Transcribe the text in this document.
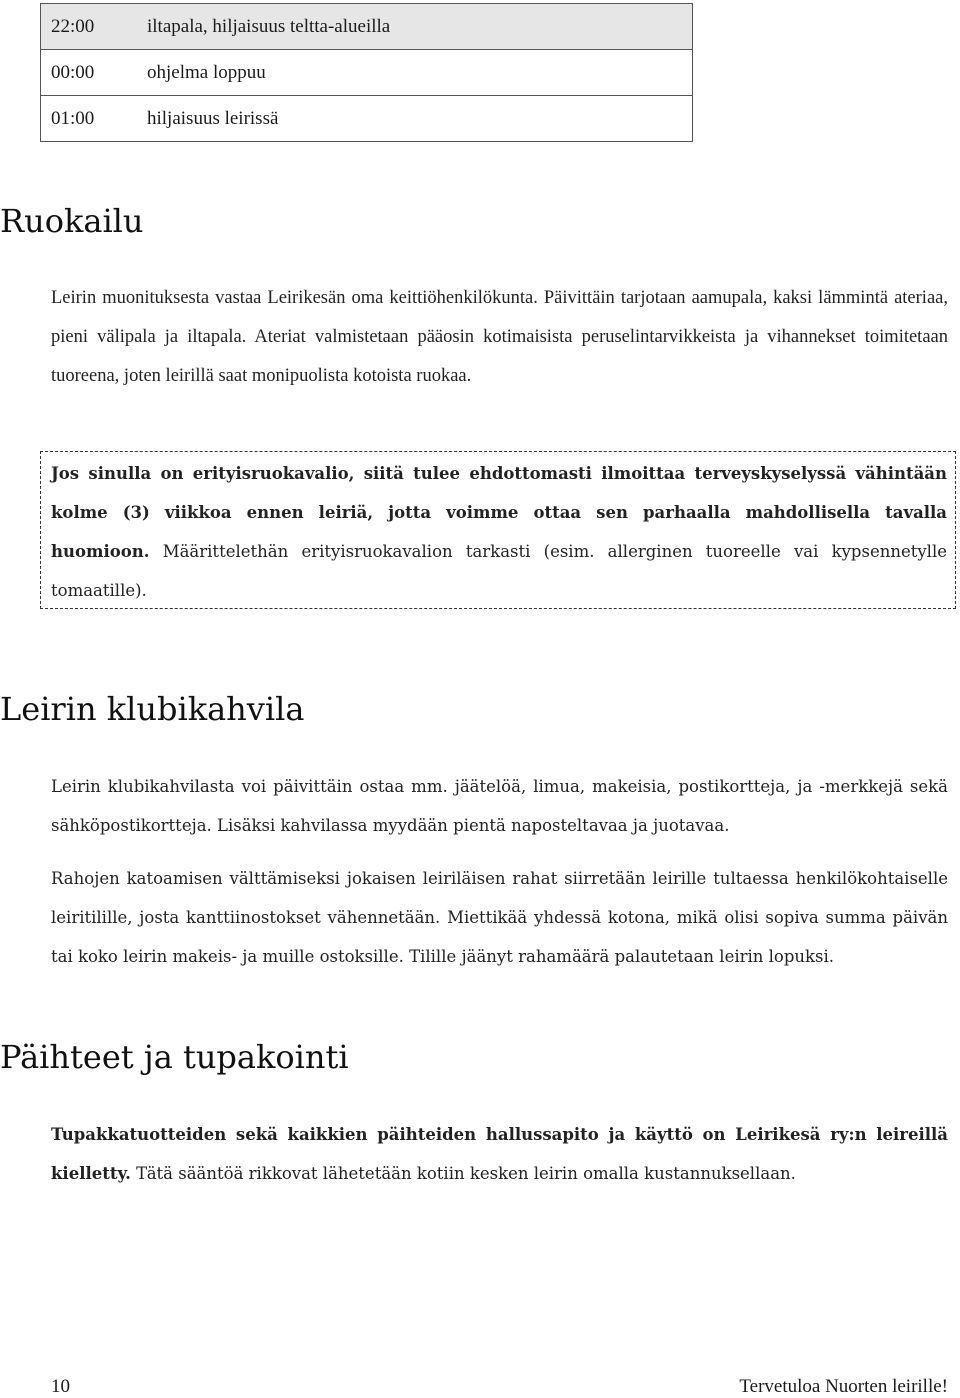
22:00	iltapala, hiljaisuus teltta-alueilla
00:00	ohjelma loppuu
01:00	hiljaisuus leirissä
Ruokailu

Leirin muonituksesta vastaa Leirikesän oma keittiöhenkilökunta. Päivittäin tarjotaan aamupala, kaksi lämmintä ateriaa, pieni välipala ja iltapala. Ateriat valmistetaan pääosin kotimaisista peruselintarvikkeista ja vihannekset toimitetaan tuoreena, joten leirillä saat monipuolista kotoista ruokaa.

Jos sinulla on erityisruokavalio, siitä tulee ehdottomasti ilmoittaa terveyskyselyssä vähintään kolme (3) viikkoa ennen leiriä, jotta voimme ottaa sen parhaalla mahdollisella tavalla huomioon. Määrittelethän erityisruokavalion tarkasti (esim. allerginen tuoreelle vai kypsennetylle tomaatille).

Leirin klubikahvila

Leirin klubikahvilasta voi päivittäin ostaa mm. jäätelöä, limua, makeisia, postikortteja, ja -merkkejä sekä sähköpostikortteja. Lisäksi kahvilassa myydään pientä naposteltavaa ja juotavaa.

Rahojen katoamisen välttämiseksi jokaisen leiriläisen rahat siirretään leirille tultaessa henkilökohtaiselle leiritilille, josta kanttiinostokset vähennetään. Miettikää yhdessä kotona, mikä olisi sopiva summa päivän tai koko leirin makeis- ja muille ostoksille. Tilille jäänyt rahamäärä palautetaan leirin lopuksi.

Päihteet ja tupakointi

Tupakkatuotteiden sekä kaikkien päihteiden hallussapito ja käyttö on Leirikesä ry:n leireillä kielletty. Tätä sääntöä rikkovat lähetetään kotiin kesken leirin omalla kustannuksellaan.

10	Tervetuloa Nuorten leirille!
